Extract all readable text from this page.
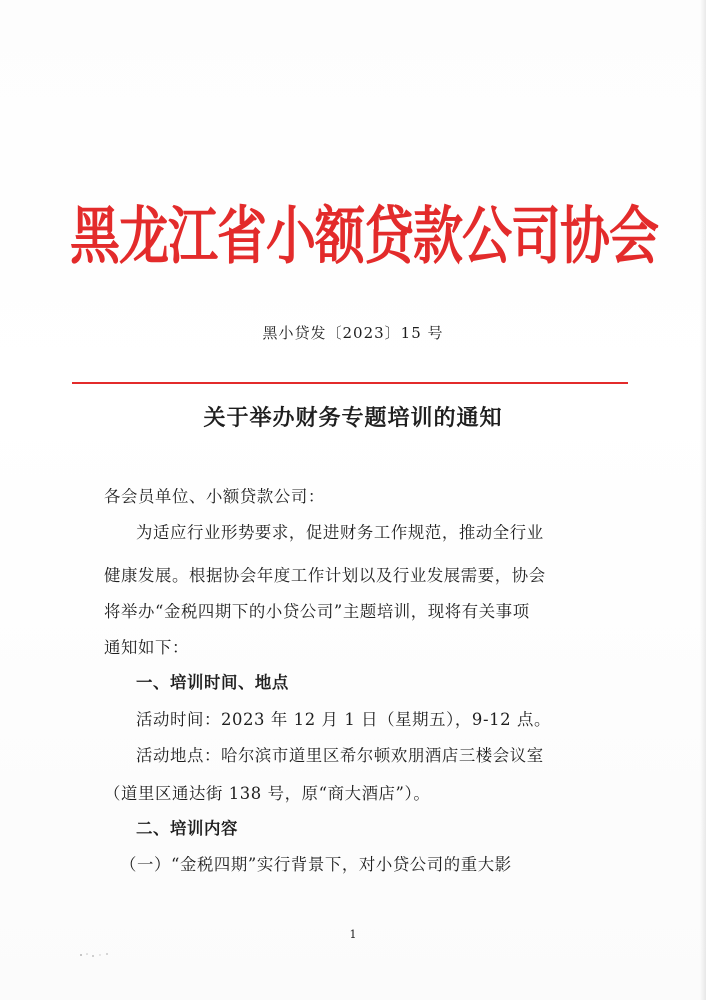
黑龙江省小额贷款公司协会
黑小贷发〔2023〕15 号
关于举办财务专题培训的通知
各会员单位、小额贷款公司：
为适应行业形势要求，促进财务工作规范，推动全行业
健康发展。根据协会年度工作计划以及行业发展需要，协会
将举办“金税四期下的小贷公司”主题培训，现将有关事项
通知如下：
一、培训时间、地点
活动时间：2023 年 12 月 1 日（星期五），9-12 点。
活动地点：哈尔滨市道里区希尔顿欢朋酒店三楼会议室
（道里区通达街 138 号，原“商大酒店”）。
二、培训内容
（一）“金税四期”实行背景下，对小贷公司的重大影
1
